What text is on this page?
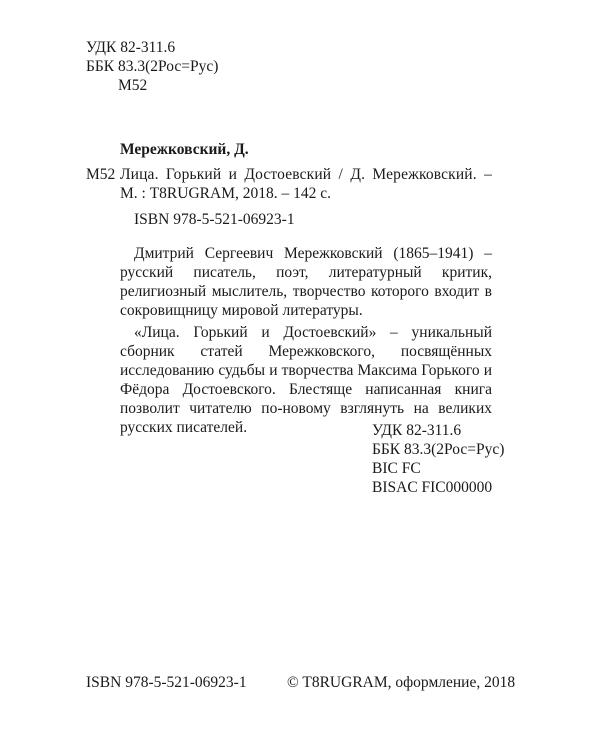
УДК 82-311.6
ББК 83.3(2Рос=Рус)
М52
Мережковский, Д.
М52 Лица. Горький и Достоевский / Д. Мережковский. –
М. : T8RUGRAM, 2018. – 142 с.
ISBN 978-5-521-06923-1

Дмитрий Сергеевич Мережковский (1865–1941) – русский писатель, поэт, литературный критик, религиозный мыслитель, творчество которого входит в сокровищницу мировой литературы.

«Лица. Горький и Достоевский» – уникальный сборник статей Мережковского, посвящённых исследованию судьбы и творчества Максима Горького и Фёдора Достоевского. Блестяще написанная книга позволит читателю по-новому взглянуть на великих русских писателей.	УДК 82-311.6
ББК 83.3(2Рос=Рус)
BIC FC
BISAC FIC000000
ISBN 978-5-521-06923-1	© T8RUGRAM, оформление, 2018
